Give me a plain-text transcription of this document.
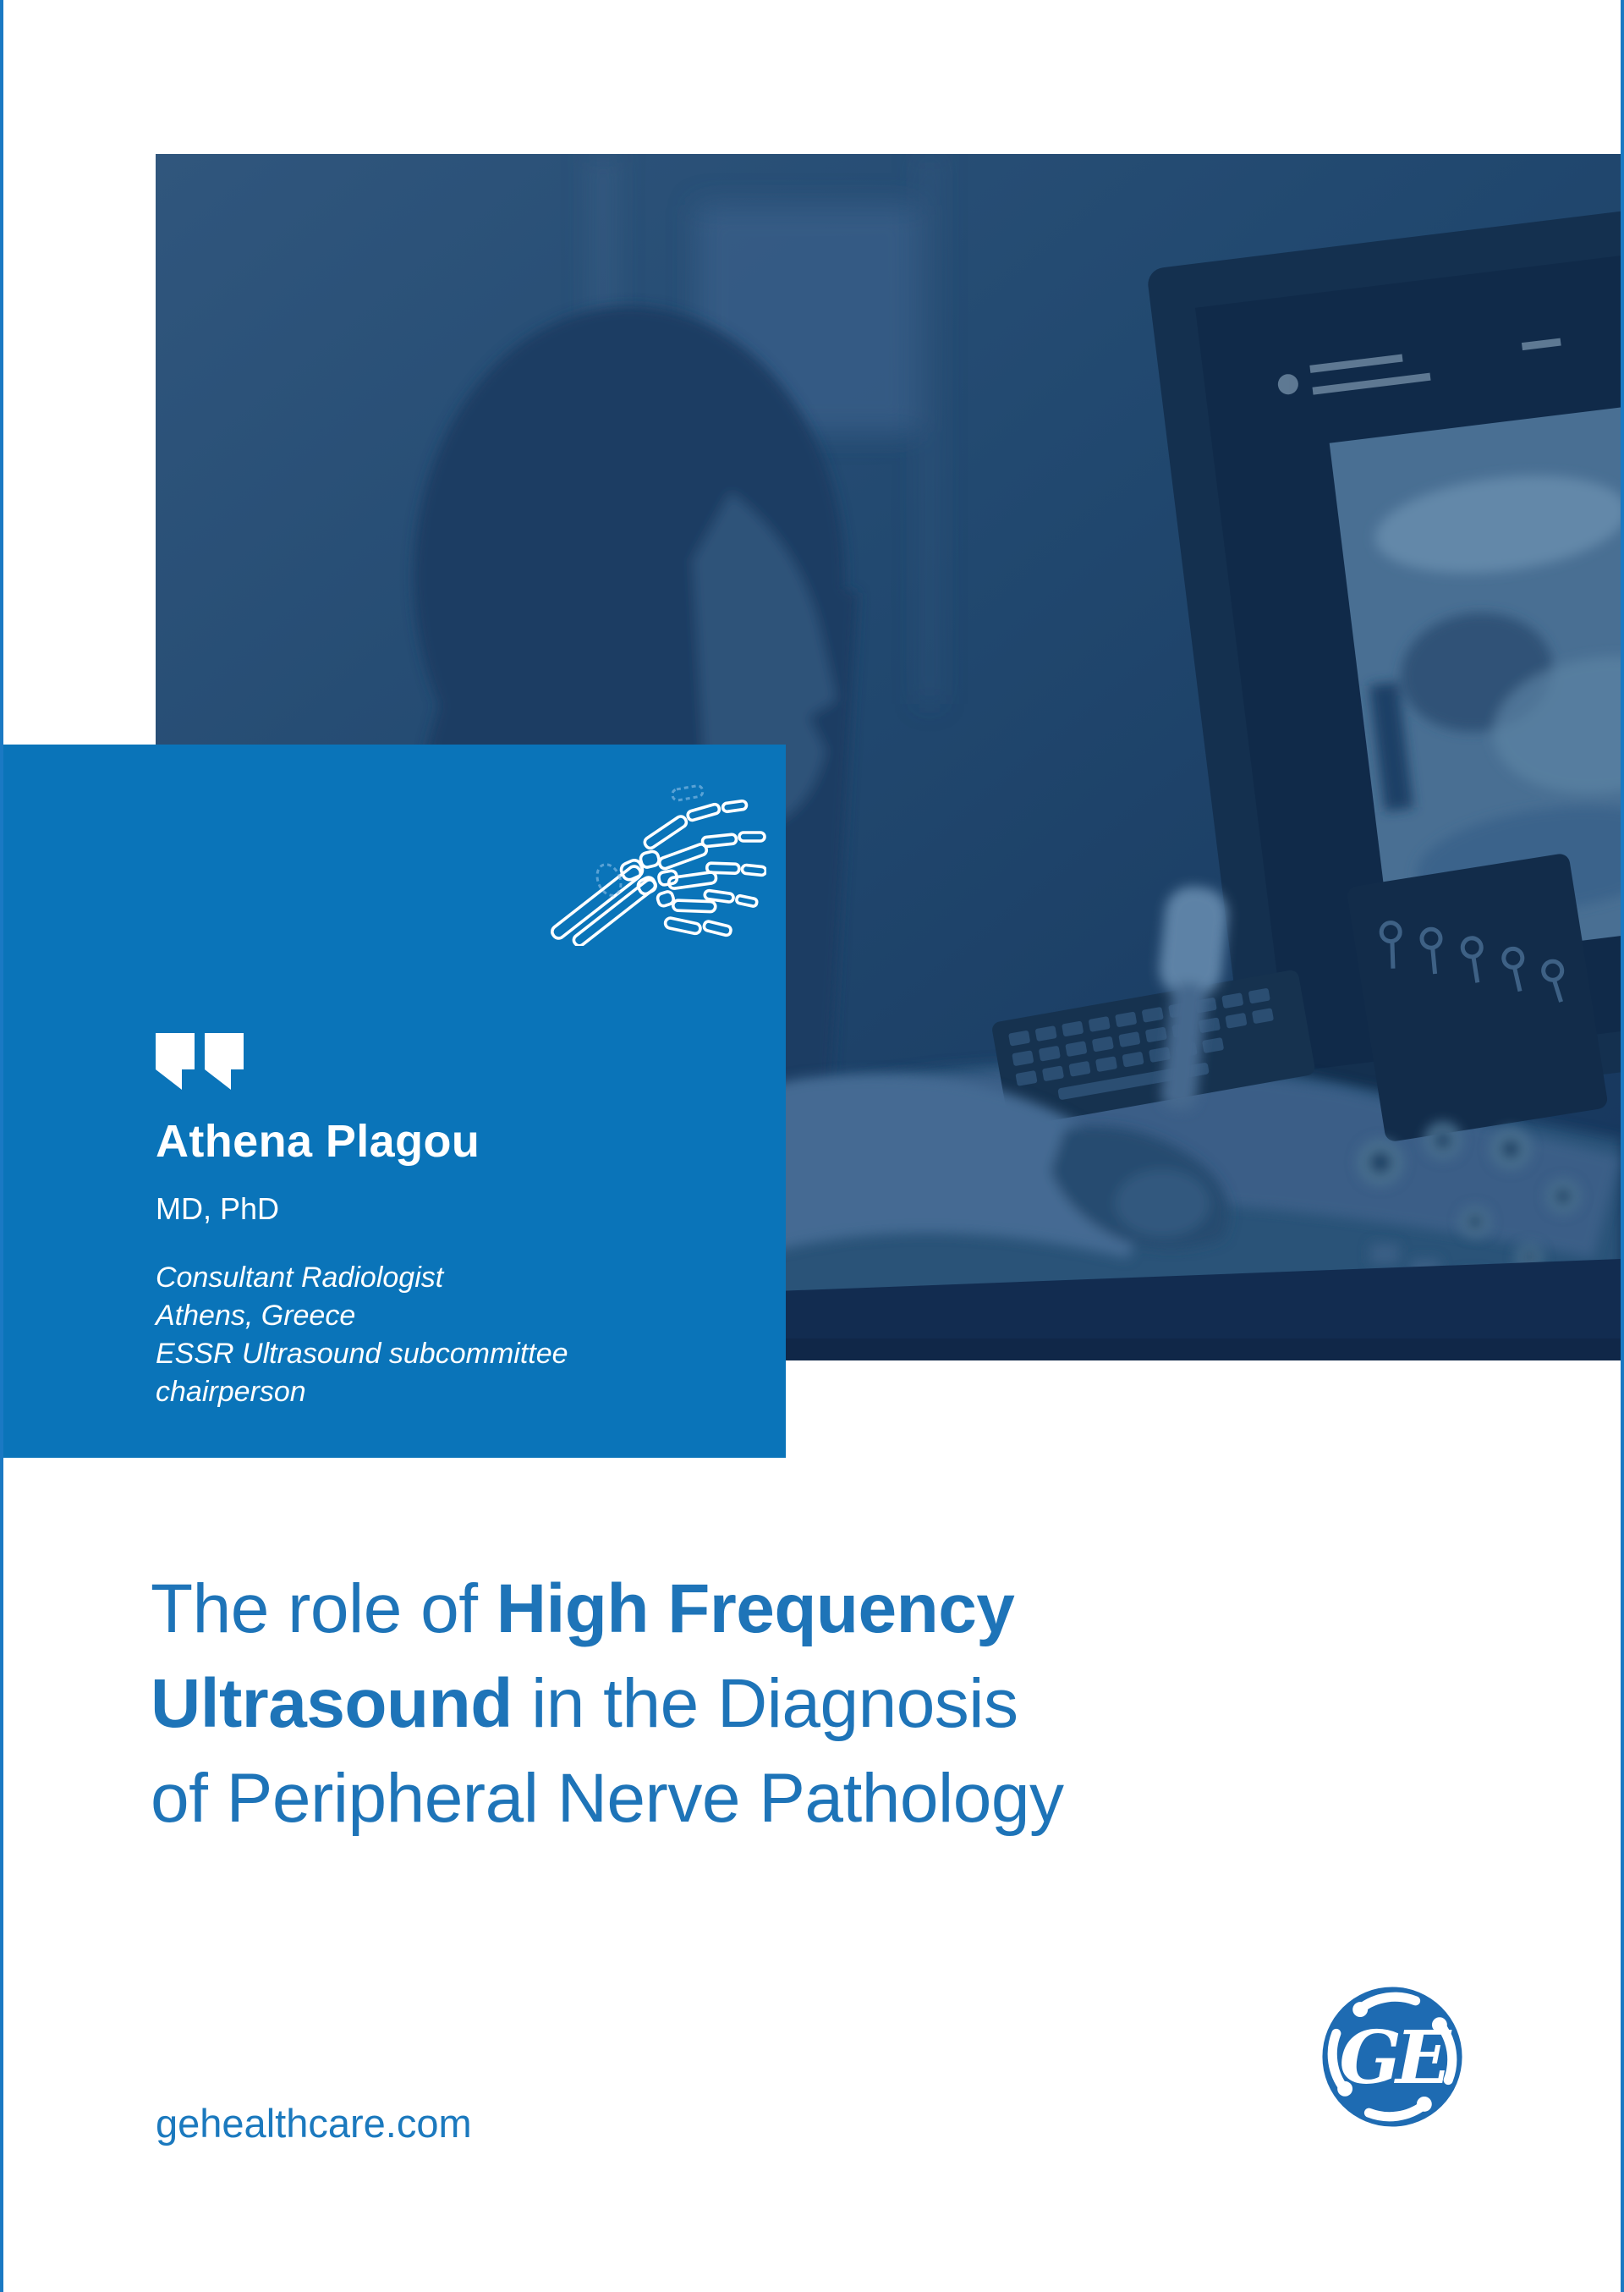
Athena Plagou
MD, PhD
Consultant Radiologist
Athens, Greece
ESSR Ultrasound subcommittee
chairperson
The role of High Frequency
Ultrasound in the Diagnosis
of Peripheral Nerve Pathology
gehealthcare.com
GE
